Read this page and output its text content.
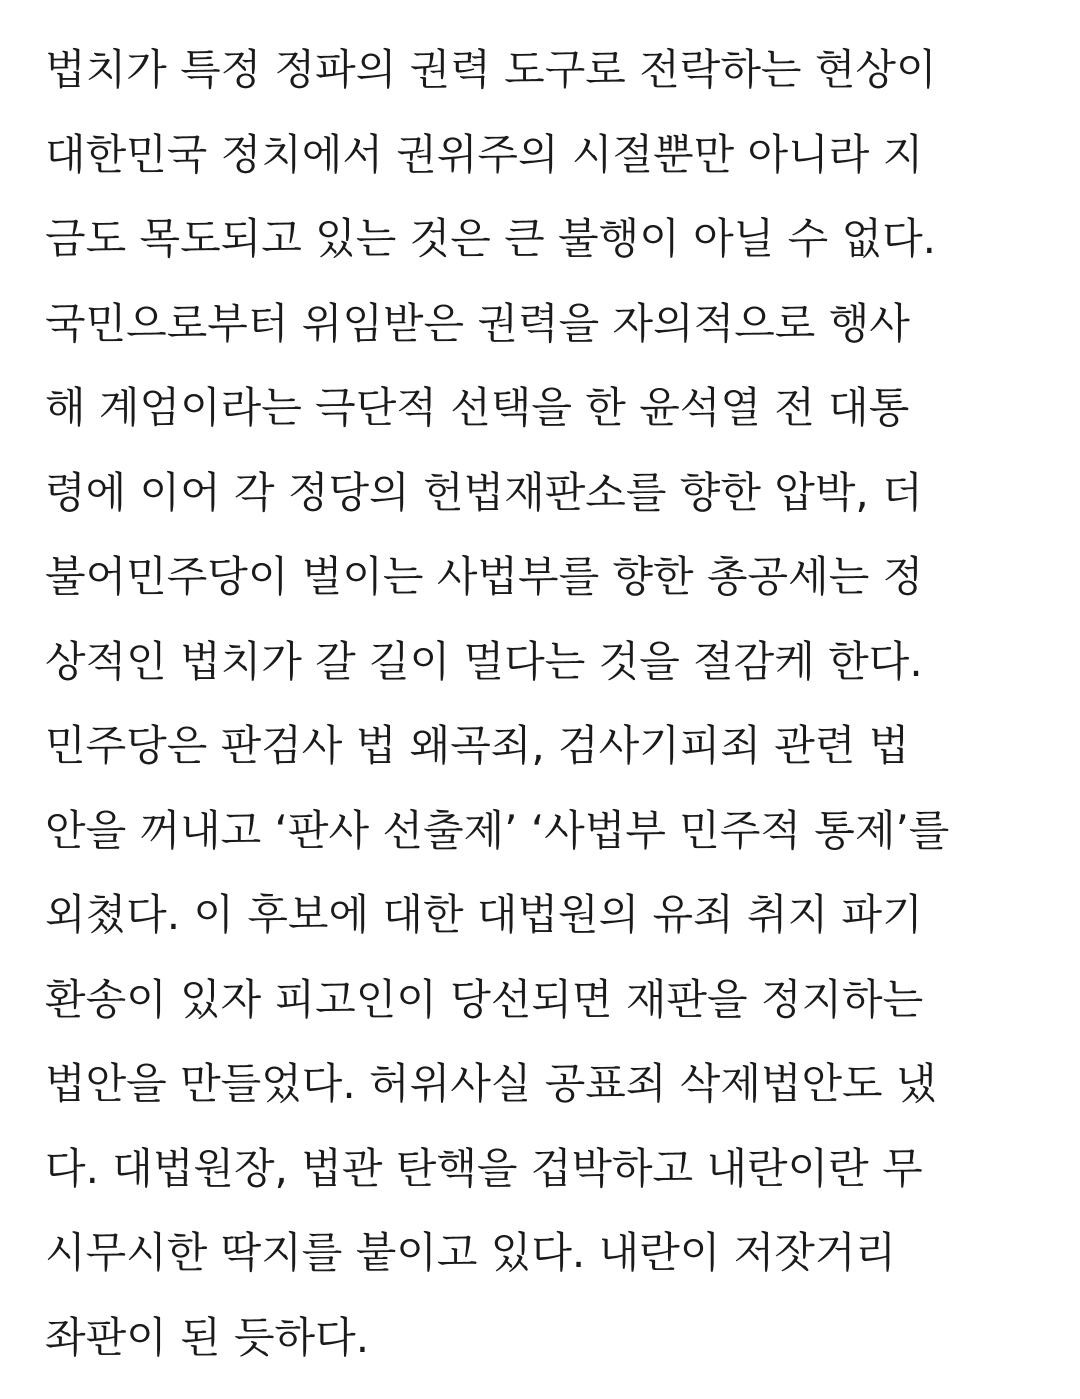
법치가 특정 정파의 권력 도구로 전락하는 현상이
대한민국 정치에서 권위주의 시절뿐만 아니라 지
금도 목도되고 있는 것은 큰 불행이 아닐 수 없다.
국민으로부터 위임받은 권력을 자의적으로 행사
해 계엄이라는 극단적 선택을 한 윤석열 전 대통
령에 이어 각 정당의 헌법재판소를 향한 압박, 더
불어민주당이 벌이는 사법부를 향한 총공세는 정
상적인 법치가 갈 길이 멀다는 것을 절감케 한다.
민주당은 판검사 법 왜곡죄, 검사기피죄 관련 법
안을 꺼내고 ‘판사 선출제’ ‘사법부 민주적 통제’를
외쳤다. 이 후보에 대한 대법원의 유죄 취지 파기
환송이 있자 피고인이 당선되면 재판을 정지하는
법안을 만들었다. 허위사실 공표죄 삭제법안도 냈
다. 대법원장, 법관 탄핵을 겁박하고 내란이란 무
시무시한 딱지를 붙이고 있다. 내란이 저잣거리
좌판이 된 듯하다.
